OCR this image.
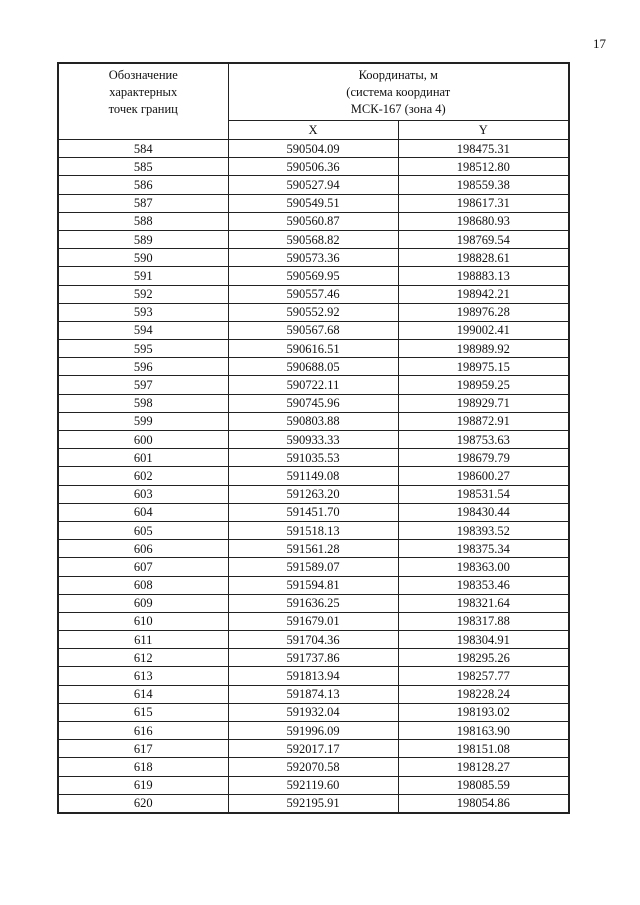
17
Обозначение
характерных
точек границ	Координаты, м
(система координат
МСК-167 (зона 4)	

	X	Y
584	590504.09	198475.31
585	590506.36	198512.80
586	590527.94	198559.38
587	590549.51	198617.31
588	590560.87	198680.93
589	590568.82	198769.54
590	590573.36	198828.61
591	590569.95	198883.13
592	590557.46	198942.21
593	590552.92	198976.28
594	590567.68	199002.41
595	590616.51	198989.92
596	590688.05	198975.15
597	590722.11	198959.25
598	590745.96	198929.71
599	590803.88	198872.91
600	590933.33	198753.63
601	591035.53	198679.79
602	591149.08	198600.27
603	591263.20	198531.54
604	591451.70	198430.44
605	591518.13	198393.52
606	591561.28	198375.34
607	591589.07	198363.00
608	591594.81	198353.46
609	591636.25	198321.64
610	591679.01	198317.88
611	591704.36	198304.91
612	591737.86	198295.26
613	591813.94	198257.77
614	591874.13	198228.24
615	591932.04	198193.02
616	591996.09	198163.90
617	592017.17	198151.08
618	592070.58	198128.27
619	592119.60	198085.59
620	592195.91	198054.86
